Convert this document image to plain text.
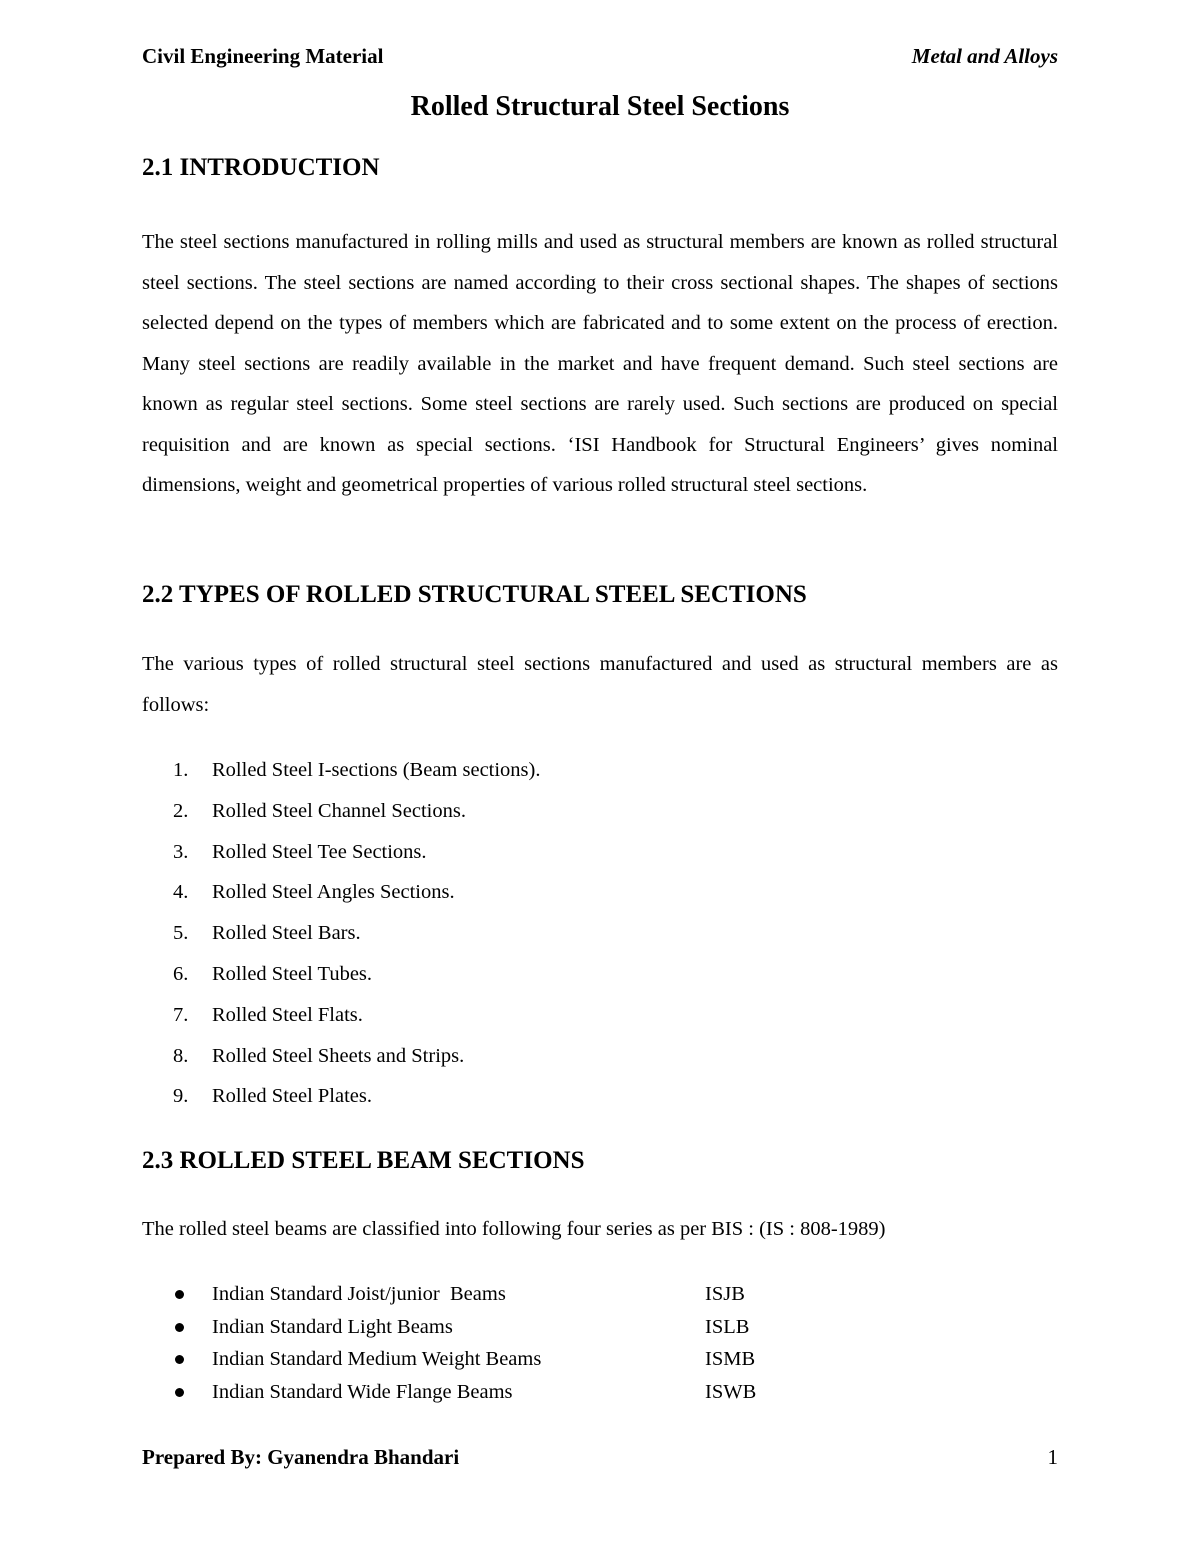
Civil Engineering Material	Metal and Alloys
Rolled Structural Steel Sections
2.1 INTRODUCTION

The steel sections manufactured in rolling mills and used as structural members are known as rolled structural steel sections. The steel sections are named according to their cross sectional shapes. The shapes of sections selected depend on the types of members which are fabricated and to some extent on the process of erection. Many steel sections are readily available in the market and have frequent demand. Such steel sections are known as regular steel sections. Some steel sections are rarely used. Such sections are produced on special requisition and are known as special sections. ‘ISI Handbook for Structural Engineers’ gives nominal dimensions, weight and geometrical properties of various rolled structural steel sections.

2.2 TYPES OF ROLLED STRUCTURAL STEEL SECTIONS

The various types of rolled structural steel sections manufactured and used as structural members are as follows:

1. Rolled Steel I-sections (Beam sections).
2. Rolled Steel Channel Sections.
3. Rolled Steel Tee Sections.
4. Rolled Steel Angles Sections.
5. Rolled Steel Bars.
6. Rolled Steel Tubes.
7. Rolled Steel Flats.
8. Rolled Steel Sheets and Strips.
9. Rolled Steel Plates.
2.3 ROLLED STEEL BEAM SECTIONS

The rolled steel beams are classified into following four series as per BIS : (IS : 808-1989)

Indian Standard Joist/junior  Beams	ISJB
Indian Standard Light Beams	ISLB
Indian Standard Medium Weight Beams	ISMB
Indian Standard Wide Flange Beams	ISWB
Prepared By: Gyanendra Bhandari	1
